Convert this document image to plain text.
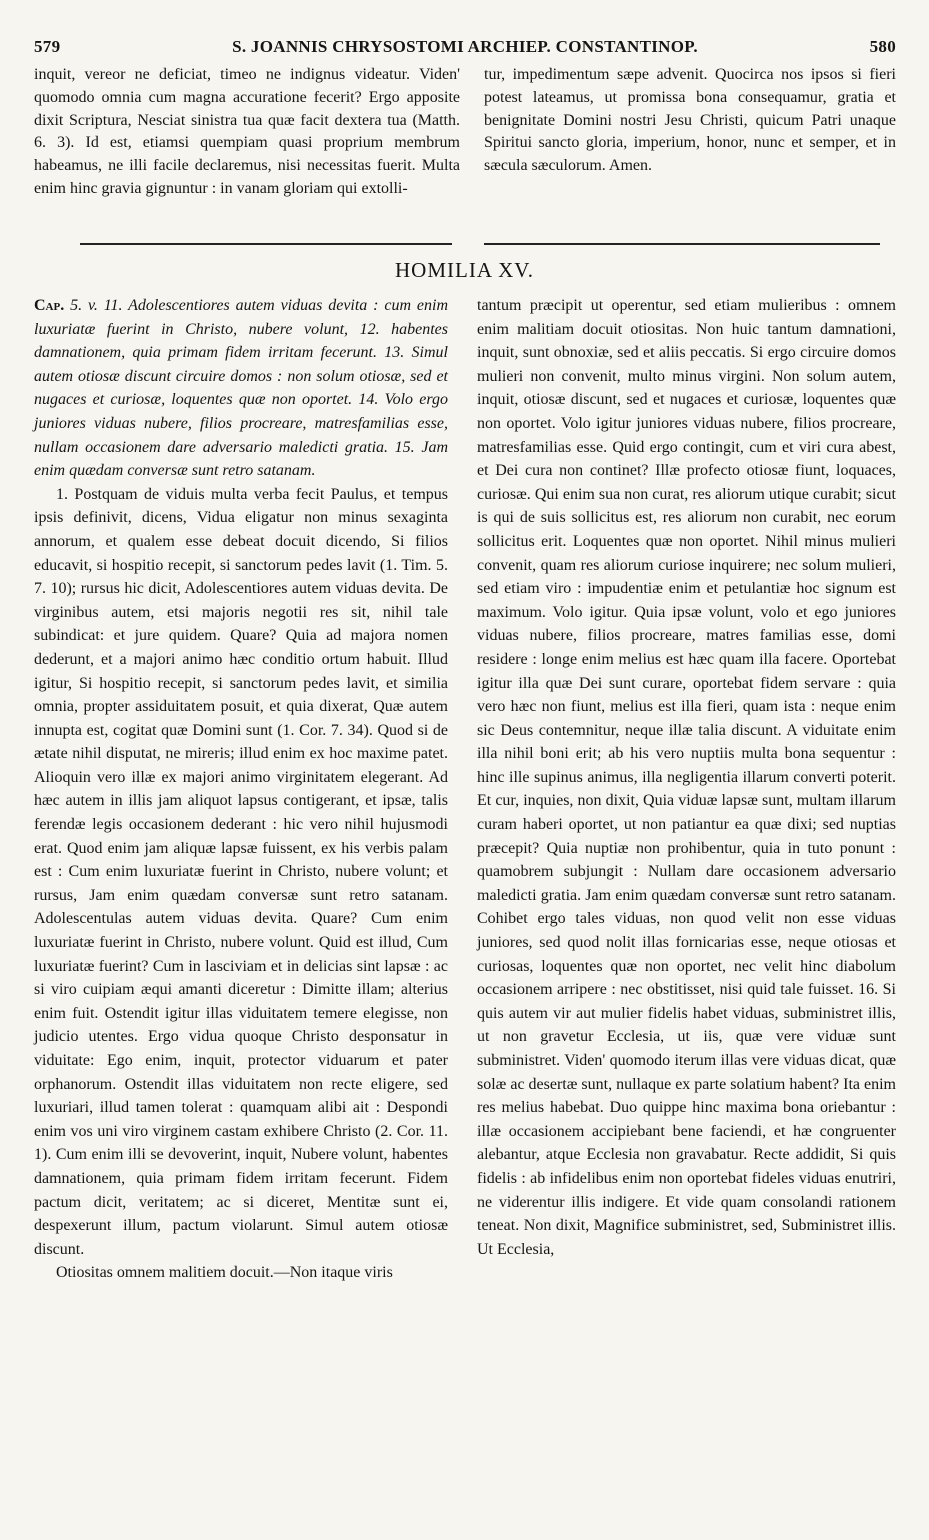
579	S. JOANNIS CHRYSOSTOMI ARCHIEP. CONSTANTINOP.	580

inquit, vereor ne deficiat, timeo ne indignus videatur. Viden' quomodo omnia cum magna accuratione fecerit? Ergo apposite dixit Scriptura, Nesciat sinistra tua quæ facit dextera tua (Matth. 6. 3). Id est, etiamsi quempiam quasi proprium membrum habeamus, ne illi facile declaremus, nisi necessitas fuerit. Multa enim hinc gravia gignuntur : in vanam gloriam qui extolli-

tur, impedimentum sæpe advenit. Quocirca nos ipsos si fieri potest lateamus, ut promissa bona consequamur, gratia et benignitate Domini nostri Jesu Christi, quicum Patri unaque Spiritui sancto gloria, imperium, honor, nunc et semper, et in sæcula sæculorum. Amen.

HOMILIA XV.

Cap. 5. v. 11. Adolescentiores autem viduas devita : cum enim luxuriatæ fuerint in Christo, nubere volunt, 12. habentes damnationem, quia primam fidem irritam fecerunt. 13. Simul autem otiosæ discunt circuire domos : non solum otiosæ, sed et nugaces et curiosæ, loquentes quæ non oportet. 14. Volo ergo juniores viduas nubere, filios procreare, matresfamilias esse, nullam occasionem dare adversario maledicti gratia. 15. Jam enim quædam conversæ sunt retro satanam.

1. Postquam de viduis multa verba fecit Paulus, et tempus ipsis definivit, dicens, Vidua eligatur non minus sexaginta annorum, et qualem esse debeat docuit dicendo, Si filios educavit, si hospitio recepit, si sanctorum pedes lavit (1. Tim. 5. 7. 10); rursus hic dicit, Adolescentiores autem viduas devita. De virginibus autem, etsi majoris negotii res sit, nihil tale subindicat: et jure quidem. Quare? Quia ad majora nomen dederunt, et a majori animo hæc conditio ortum habuit. Illud igitur, Si hospitio recepit, si sanctorum pedes lavit, et similia omnia, propter assiduitatem posuit, et quia dixerat, Quæ autem innupta est, cogitat quæ Domini sunt (1. Cor. 7. 34). Quod si de ætate nihil disputat, ne mireris; illud enim ex hoc maxime patet. Alioquin vero illæ ex majori animo virginitatem elegerant. Ad hæc autem in illis jam aliquot lapsus contigerant, et ipsæ, talis ferendæ legis occasionem dederant : hic vero nihil hujusmodi erat. Quod enim jam aliquæ lapsæ fuissent, ex his verbis palam est : Cum enim luxuriatæ fuerint in Christo, nubere volunt; et rursus, Jam enim quædam conversæ sunt retro satanam. Adolescentulas autem viduas devita. Quare? Cum enim luxuriatæ fuerint in Christo, nubere volunt. Quid est illud, Cum luxuriatæ fuerint? Cum in lasciviam et in delicias sint lapsæ : ac si viro cuipiam æqui amanti diceretur : Dimitte illam; alterius enim fuit. Ostendit igitur illas viduitatem temere elegisse, non judicio utentes. Ergo vidua quoque Christo desponsatur in viduitate: Ego enim, inquit, protector viduarum et pater orphanorum. Ostendit illas viduitatem non recte eligere, sed luxuriari, illud tamen tolerat : quamquam alibi ait : Despondi enim vos uni viro virginem castam exhibere Christo (2. Cor. 11. 1). Cum enim illi se devoverint, inquit, Nubere volunt, habentes damnationem, quia primam fidem irritam fecerunt. Fidem pactum dicit, veritatem; ac si diceret, Mentitæ sunt ei, despexerunt illum, pactum violarunt. Simul autem otiosæ discunt.

Otiositas omnem malitiem docuit.—Non itaque viris

tantum præcipit ut operentur, sed etiam mulieribus : omnem enim malitiam docuit otiositas. Non huic tantum damnationi, inquit, sunt obnoxiæ, sed et aliis peccatis. Si ergo circuire domos mulieri non convenit, multo minus virgini. Non solum autem, inquit, otiosæ discunt, sed et nugaces et curiosæ, loquentes quæ non oportet. Volo igitur juniores viduas nubere, filios procreare, matresfamilias esse. Quid ergo contingit, cum et viri cura abest, et Dei cura non continet? Illæ profecto otiosæ fiunt, loquaces, curiosæ. Qui enim sua non curat, res aliorum utique curabit; sicut is qui de suis sollicitus est, res aliorum non curabit, nec eorum sollicitus erit. Loquentes quæ non oportet. Nihil minus mulieri convenit, quam res aliorum curiose inquirere; nec solum mulieri, sed etiam viro : impudentiæ enim et petulantiæ hoc signum est maximum. Volo igitur. Quia ipsæ volunt, volo et ego juniores viduas nubere, filios procreare, matres familias esse, domi residere : longe enim melius est hæc quam illa facere. Oportebat igitur illa quæ Dei sunt curare, oportebat fidem servare : quia vero hæc non fiunt, melius est illa fieri, quam ista : neque enim sic Deus contemnitur, neque illæ talia discunt. A viduitate enim illa nihil boni erit; ab his vero nuptiis multa bona sequentur : hinc ille supinus animus, illa negligentia illarum converti poterit. Et cur, inquies, non dixit, Quia viduæ lapsæ sunt, multam illarum curam haberi oportet, ut non patiantur ea quæ dixi; sed nuptias præcepit? Quia nuptiæ non prohibentur, quia in tuto ponunt : quamobrem subjungit : Nullam dare occasionem adversario maledicti gratia. Jam enim quædam conversæ sunt retro satanam. Cohibet ergo tales viduas, non quod velit non esse viduas juniores, sed quod nolit illas fornicarias esse, neque otiosas et curiosas, loquentes quæ non oportet, nec velit hinc diabolum occasionem arripere : nec obstitisset, nisi quid tale fuisset. 16. Si quis autem vir aut mulier fidelis habet viduas, subministret illis, ut non gravetur Ecclesia, ut iis, quæ vere viduæ sunt subministret. Viden' quomodo iterum illas vere viduas dicat, quæ solæ ac desertæ sunt, nullaque ex parte solatium habent? Ita enim res melius habebat. Duo quippe hinc maxima bona oriebantur : illæ occasionem accipiebant bene faciendi, et hæ congruenter alebantur, atque Ecclesia non gravabatur. Recte addidit, Si quis fidelis : ab infidelibus enim non oportebat fideles viduas enutriri, ne viderentur illis indigere. Et vide quam consolandi rationem teneat. Non dixit, Magnifice subministret, sed, Subministret illis. Ut Ecclesia,
